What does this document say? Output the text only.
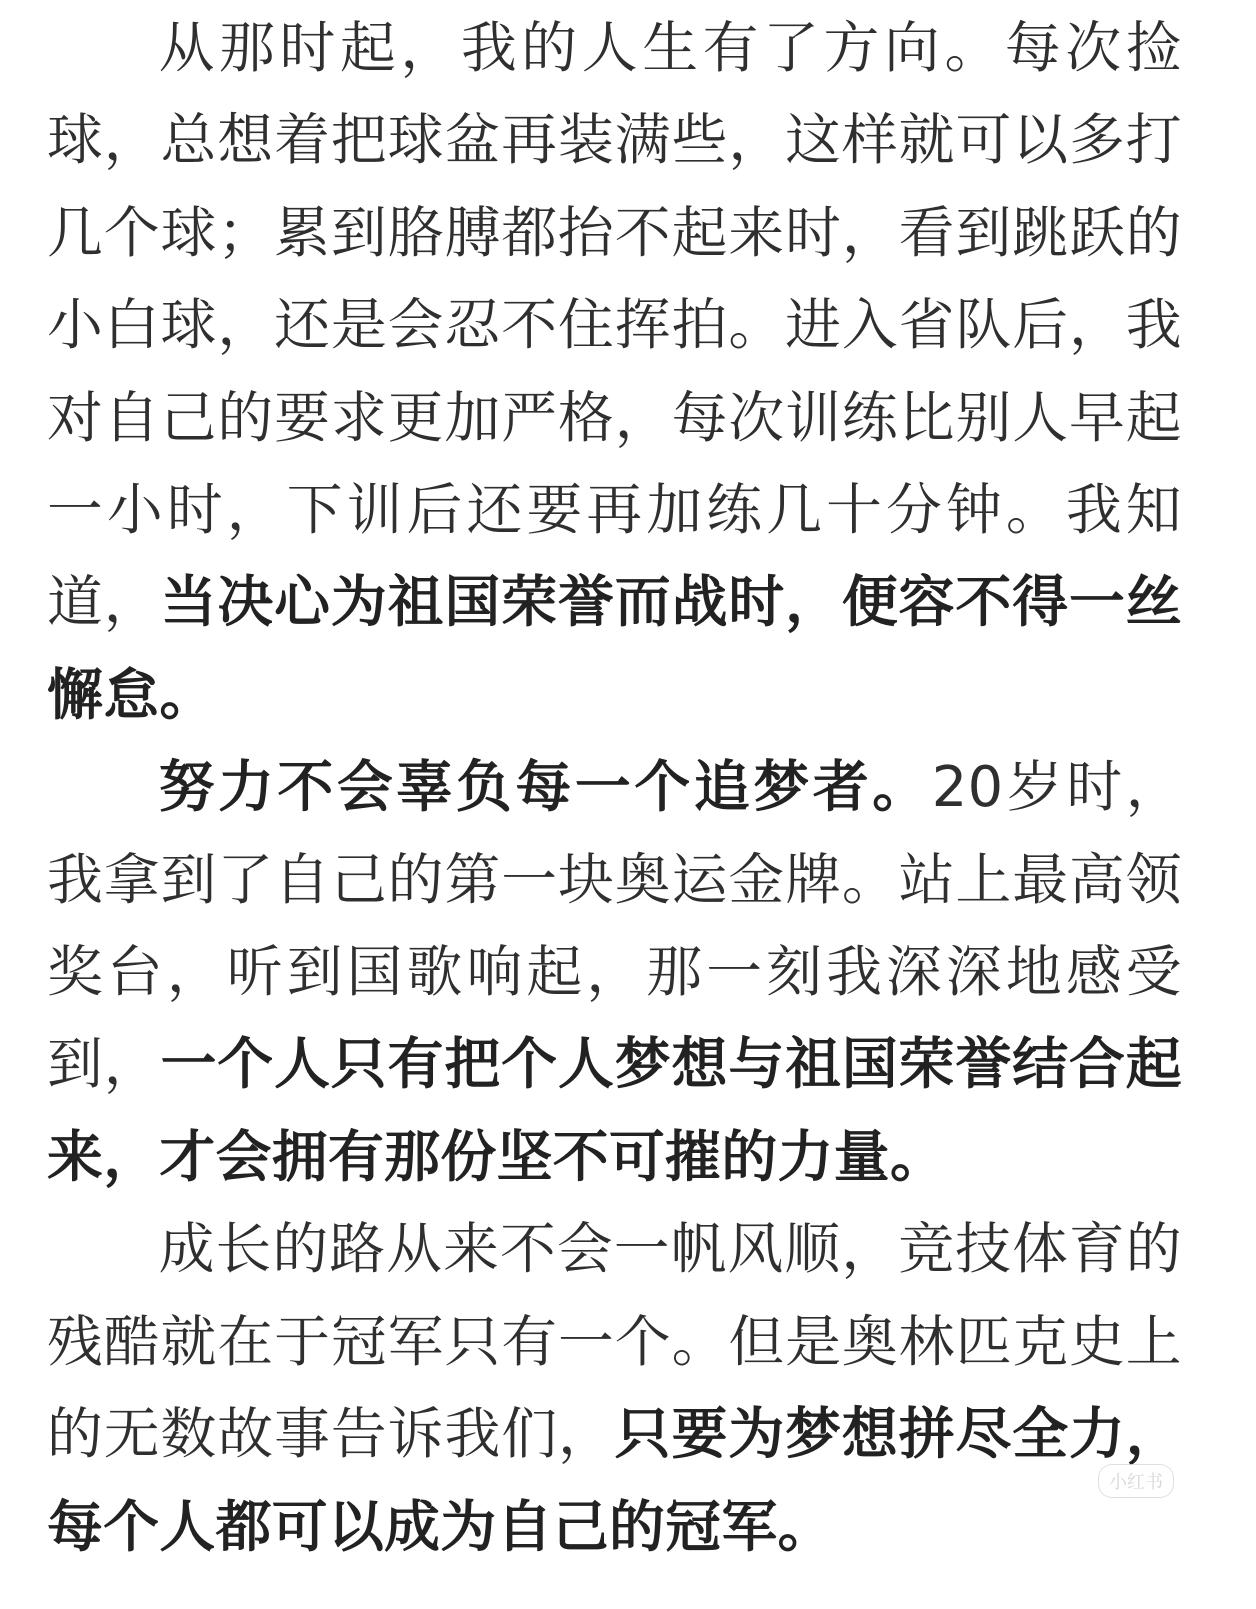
从那时起，我的人生有了方向。每次捡球，总想着把球盆再装满些，这样就可以多打几个球；累到胳膊都抬不起来时，看到跳跃的小白球，还是会忍不住挥拍。进入省队后，我对自己的要求更加严格，每次训练比别人早起一小时，下训后还要再加练几十分钟。我知道，当决心为祖国荣誉而战时，便容不得一丝懈怠。

努力不会辜负每一个追梦者。20岁时，我拿到了自己的第一块奥运金牌。站上最高领奖台，听到国歌响起，那一刻我深深地感受到，一个人只有把个人梦想与祖国荣誉结合起来，才会拥有那份坚不可摧的力量。

成长的路从来不会一帆风顺，竞技体育的残酷就在于冠军只有一个。但是奥林匹克史上的无数故事告诉我们，只要为梦想拼尽全力，每个人都可以成为自己的冠军。

小红书
